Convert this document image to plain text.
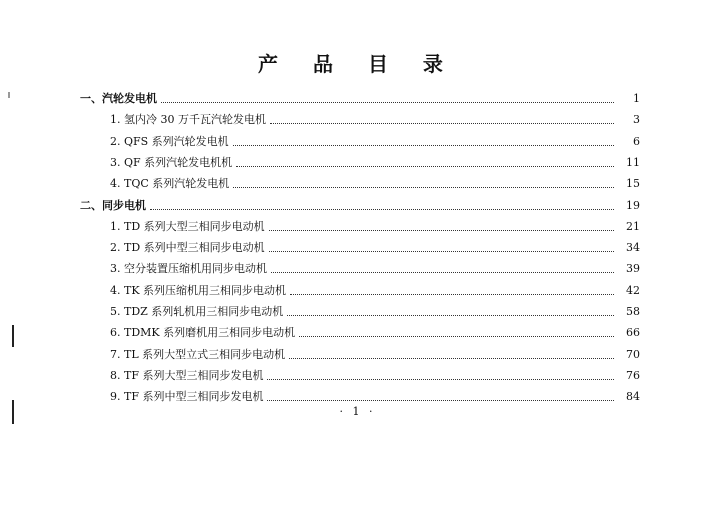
产 品 目 录
一、汽轮发电机	1
1. 氢内冷 30 万千瓦汽轮发电机	3
2. QFS 系列汽轮发电机	6
3. QF 系列汽轮发电机机	11
4. TQC 系列汽轮发电机	15
二、同步电机	19
1. TD 系列大型三相同步电动机	21
2. TD 系列中型三相同步电动机	34
3. 空分装置压缩机用同步电动机	39
4. TK 系列压缩机用三相同步电动机	42
5. TDZ 系列轧机用三相同步电动机	58
6. TDMK 系列磨机用三相同步电动机	66
7. TL 系列大型立式三相同步电动机	70
8. TF 系列大型三相同步发电机	76
9. TF 系列中型三相同步发电机	84
· 1 ·
